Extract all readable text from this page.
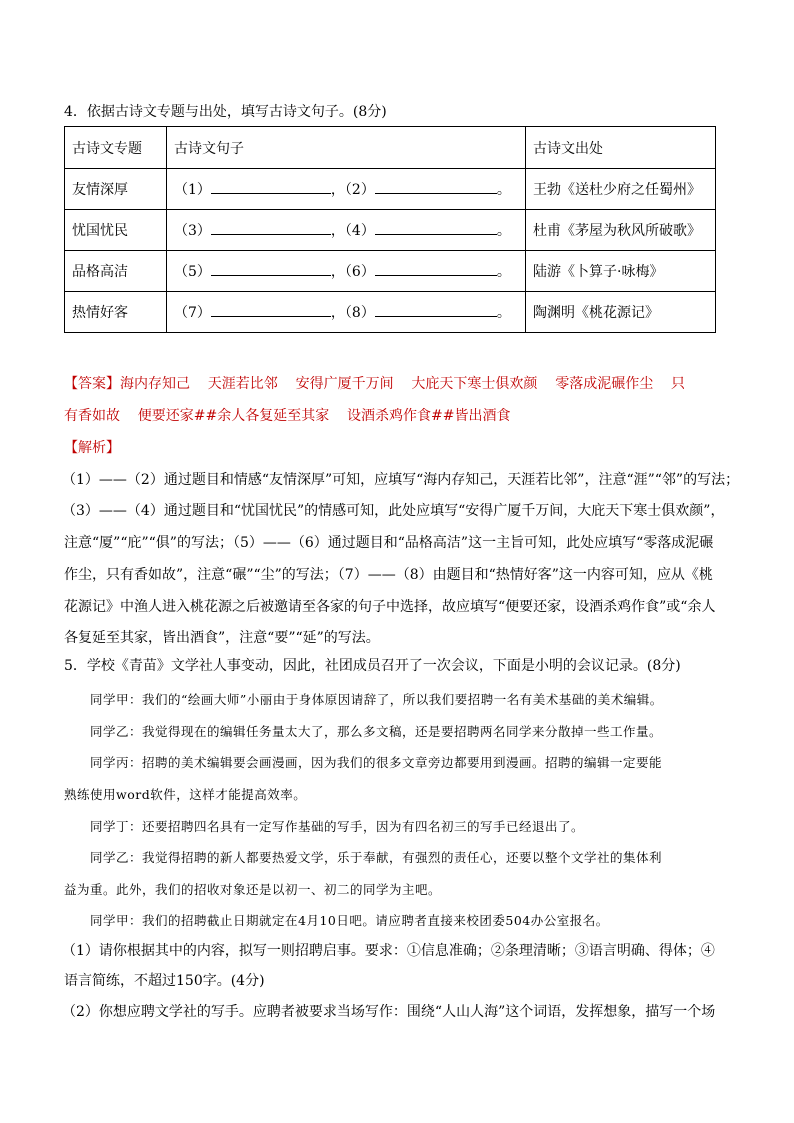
4．依据古诗文专题与出处，填写古诗文句子。(8分)
古诗文专题	古诗文句子	古诗文出处
友情深厚	（1） ，（2） 。	王勃《送杜少府之任蜀州》
忧国忧民	（3） ，（4） 。	杜甫《茅屋为秋风所破歌》
品格高洁	（5） ，（6） 。	陆游《卜算子·咏梅》
热情好客	（7） ，（8） 。	陶渊明《桃花源记》
【答案】海内存知己    天涯若比邻    安得广厦千万间    大庇天下寒士俱欢颜    零落成泥碾作尘    只
有香如故    便要还家##余人各复延至其家    设酒杀鸡作食##皆出酒食
【解析】
（1）——（2）通过题目和情感“友情深厚”可知，应填写“海内存知己，天涯若比邻”，注意“涯”“邻”的写法；
（3）——（4）通过题目和“忧国忧民”的情感可知，此处应填写“安得广厦千万间，大庇天下寒士俱欢颜”，
注意“厦”“庇”“俱”的写法；（5）——（6）通过题目和“品格高洁”这一主旨可知，此处应填写“零落成泥碾
作尘，只有香如故”，注意“碾”“尘”的写法；（7）——（8）由题目和“热情好客”这一内容可知，应从《桃
花源记》中渔人进入桃花源之后被邀请至各家的句子中选择，故应填写“便要还家，设酒杀鸡作食”或“余人
各复延至其家，皆出酒食”，注意“要”“延”的写法。
5．学校《青苗》文学社人事变动，因此，社团成员召开了一次会议，下面是小明的会议记录。(8分)
同学甲：我们的“绘画大师”小丽由于身体原因请辞了，所以我们要招聘一名有美术基础的美术编辑。
同学乙：我觉得现在的编辑任务量太大了，那么多文稿，还是要招聘两名同学来分散掉一些工作量。
同学丙：招聘的美术编辑要会画漫画，因为我们的很多文章旁边都要用到漫画。招聘的编辑一定要能
熟练使用word软件，这样才能提高效率。
同学丁：还要招聘四名具有一定写作基础的写手，因为有四名初三的写手已经退出了。
同学乙：我觉得招聘的新人都要热爱文学，乐于奉献，有强烈的责任心，还要以整个文学社的集体利
益为重。此外，我们的招收对象还是以初一、初二的同学为主吧。
同学甲：我们的招聘截止日期就定在4月10日吧。请应聘者直接来校团委504办公室报名。
（1）请你根据其中的内容，拟写一则招聘启事。要求：①信息准确；②条理清晰；③语言明确、得体；④
语言简练，不超过150字。(4分)
（2）你想应聘文学社的写手。应聘者被要求当场写作：围绕“人山人海”这个词语，发挥想象，描写一个场
